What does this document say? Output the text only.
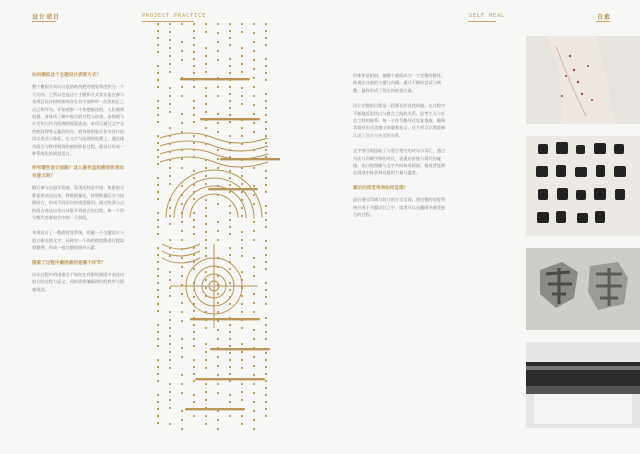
设计项目	PROJECT PRACTICE	SELF HEAL	自愈
如何模拟这个主题设计表现方式？
整个模拟方向设计是借助伤疤的视觉角度作为一个大方向。之所以会选这个主题和方式其实是在参与各项目设计时间如何穿在其中前和中一次次的正之自己和作为。开始观察一个伤疤痕迹的，人们遇到愈慢、身体伤了解中愈合的过程与结果，由物理与社会伤口作为纹理的视觉表达。本项目通过文字及伤疤纹理等元素的结合，把身体的愈合作为设计的语言表达与象征。在文字与纹理的处理上，通过排列组合与秩序展现伤痕的修复过程，使设计形成一种系统化的视觉语言。
你有哪些设计思路？这么做有益和感动你表达有意义吗？
随后参与自愈学发展，发现皮肤是中国、和服愈合都是要表达出来。将数据量化，按照数据区分与纹理结合，形成不同层次的视觉排列。通过线条与点的组合表达出伤口从裂开到愈合的过程，每一个符号都代表着愈合中的一个阶段。
本视设计了一整套视觉系统，明确一个主题设计与愈合相关的文字，同时对一个伤疤的纹路进行提取和整理，形成一套完整的图形元素。
图案了过程中最困难的是哪个环节？
设计过程中的困难在于如何在有限的画面中表达出愈合的过程与意义，同时需要兼顾图形的秩序与情感表达。
形体更是组织，使整个画面成为一个完整的整体，体现出自愈的主题与内涵。通过不断的尝试与调整，最终形成了现在的视觉方案。
设计完整的过程是一段漫长的自我探索。在过程中不断地反思伤口与愈合之间的关系，思考个人与社会之间的联系。每一个符号都经过反复推敲，确保其既有形式美感又承载着意义。这个项目让我重新认识了设计与生活的关系。
文字部分则选取了与愈合相关的诗句与词汇，通过书法与印刷字体的对比，表现出传统与现代的碰撞。伤口的图像与文字共同构成画面，使观者能够在阅读中体会到自愈的力量与温度。
最后的视觉效果如何呈现？
最后通过印刷与装订的方式呈现，将完整的视觉系统应用于书籍设计之中，读者可以在翻阅中感受愈合的过程。
